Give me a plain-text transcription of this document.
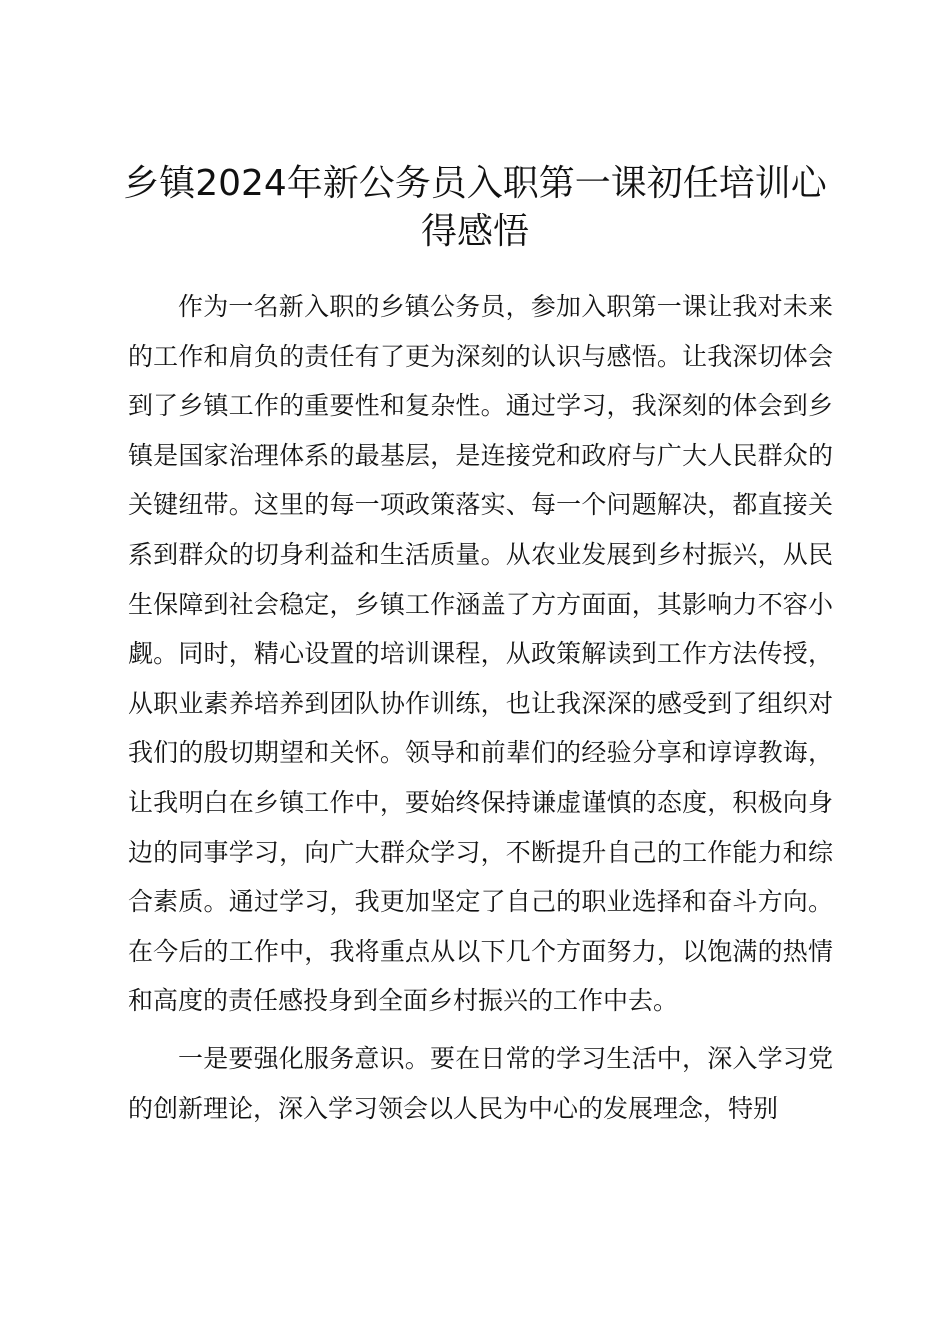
乡镇2024年新公务员入职第一课初任培训心得感悟

作为一名新入职的乡镇公务员，参加入职第一课让我对未来的工作和肩负的责任有了更为深刻的认识与感悟。让我深切体会到了乡镇工作的重要性和复杂性。通过学习，我深刻的体会到乡镇是国家治理体系的最基层，是连接党和政府与广大人民群众的关键纽带。这里的每一项政策落实、每一个问题解决，都直接关系到群众的切身利益和生活质量。从农业发展到乡村振兴，从民生保障到社会稳定，乡镇工作涵盖了方方面面，其影响力不容小觑。同时，精心设置的培训课程，从政策解读到工作方法传授，从职业素养培养到团队协作训练，也让我深深的感受到了组织对我们的殷切期望和关怀。领导和前辈们的经验分享和谆谆教诲，让我明白在乡镇工作中，要始终保持谦虚谨慎的态度，积极向身边的同事学习，向广大群众学习，不断提升自己的工作能力和综合素质。通过学习，我更加坚定了自己的职业选择和奋斗方向。在今后的工作中，我将重点从以下几个方面努力，以饱满的热情和高度的责任感投身到全面乡村振兴的工作中去。

一是要强化服务意识。要在日常的学习生活中，深入学习党的创新理论，深入学习领会以人民为中心的发展理念，特别
